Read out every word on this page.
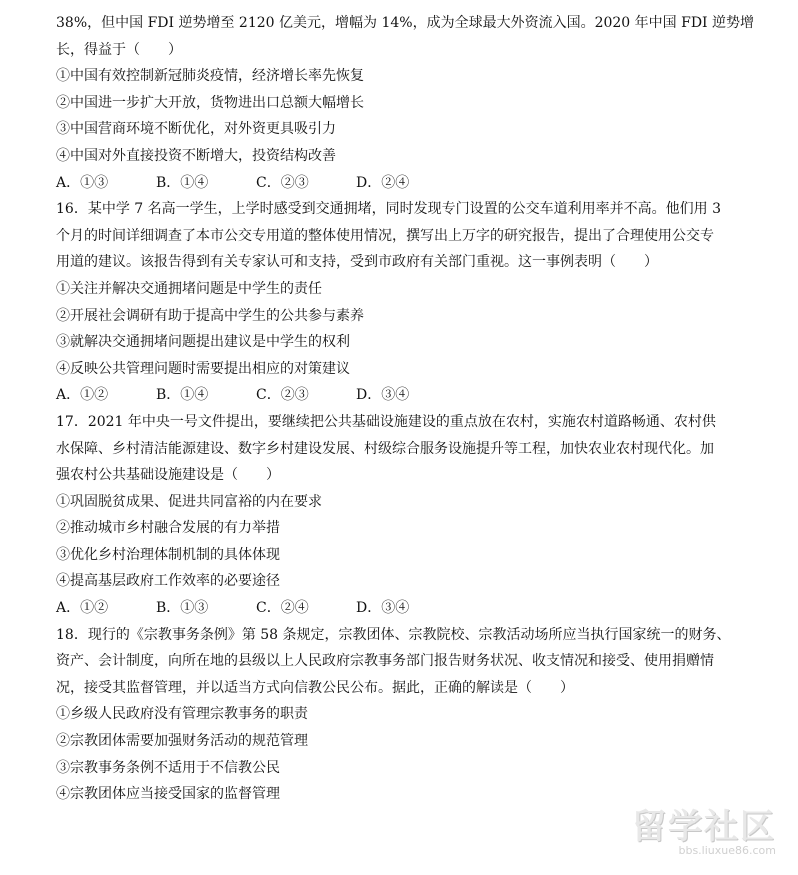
38%，但中国 FDI 逆势增至 2120 亿美元，增幅为 14%，成为全球最大外资流入国。2020 年中国 FDI 逆势增
长，得益于（　　）
①中国有效控制新冠肺炎疫情，经济增长率先恢复
②中国进一步扩大开放，货物进出口总额大幅增长
③中国营商环境不断优化，对外资更具吸引力
④中国对外直接投资不断增大，投资结构改善
A．①③	B．①④	C．②③	D．②④
16．某中学 7 名高一学生，上学时感受到交通拥堵，同时发现专门设置的公交车道利用率并不高。他们用 3
个月的时间详细调查了本市公交专用道的整体使用情况，撰写出上万字的研究报告，提出了合理使用公交专
用道的建议。该报告得到有关专家认可和支持，受到市政府有关部门重视。这一事例表明（　　）
①关注并解决交通拥堵问题是中学生的责任
②开展社会调研有助于提高中学生的公共参与素养
③就解决交通拥堵问题提出建议是中学生的权利
④反映公共管理问题时需要提出相应的对策建议
A．①②	B．①④	C．②③	D．③④
17．2021 年中央一号文件提出，要继续把公共基础设施建设的重点放在农村，实施农村道路畅通、农村供
水保障、乡村清洁能源建设、数字乡村建设发展、村级综合服务设施提升等工程，加快农业农村现代化。加
强农村公共基础设施建设是（　　）
①巩固脱贫成果、促进共同富裕的内在要求
②推动城市乡村融合发展的有力举措
③优化乡村治理体制机制的具体体现
④提高基层政府工作效率的必要途径
A．①②	B．①③	C．②④	D．③④
18．现行的《宗教事务条例》第 58 条规定，宗教团体、宗教院校、宗教活动场所应当执行国家统一的财务、
资产、会计制度，向所在地的县级以上人民政府宗教事务部门报告财务状况、收支情况和接受、使用捐赠情
况，接受其监督管理，并以适当方式向信教公民公布。据此，正确的解读是（　　）
①乡级人民政府没有管理宗教事务的职责
②宗教团体需要加强财务活动的规范管理
③宗教事务条例不适用于不信教公民
④宗教团体应当接受国家的监督管理
留学社区
bbs.liuxue86.com
